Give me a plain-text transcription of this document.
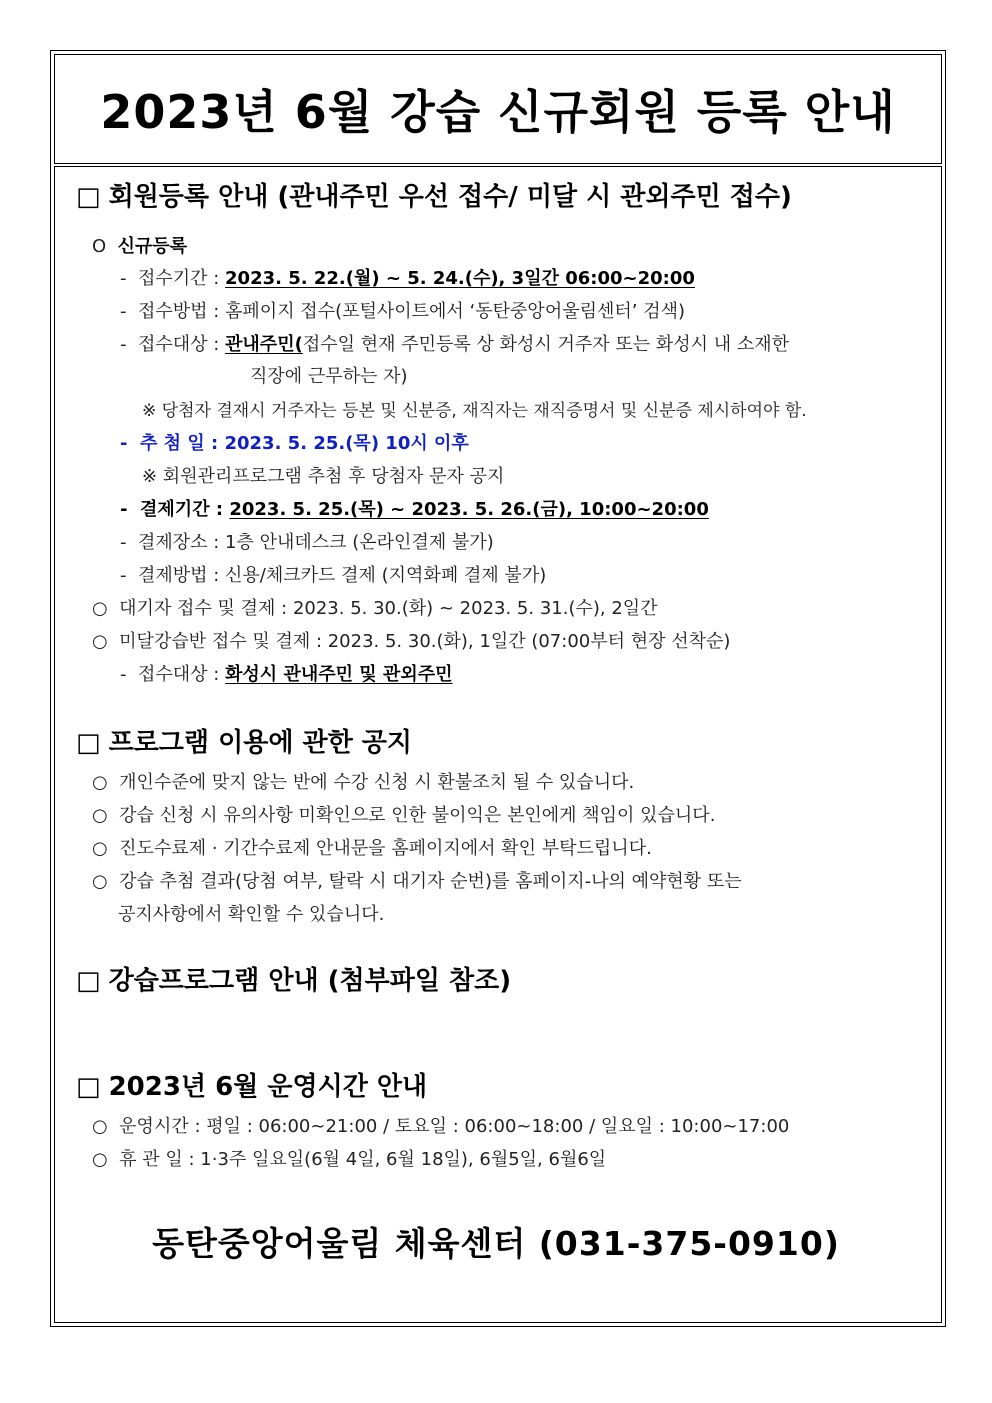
2023년 6월 강습 신규회원 등록 안내
□ 회원등록 안내 (관내주민 우선 접수/ 미달 시 관외주민 접수)
O 신규등록
- 접수기간 : 2023. 5. 22.(월) ~ 5. 24.(수), 3일간 06:00~20:00
- 접수방법 : 홈페이지 접수(포털사이트에서 ‘동탄중앙어울림센터’ 검색)
- 접수대상 : 관내주민(접수일 현재 주민등록 상 화성시 거주자 또는 화성시 내 소재한
직장에 근무하는 자)
※ 당첨자 결재시 거주자는 등본 및 신분증, 재직자는 재직증명서 및 신분증 제시하여야 함.
- 추 첨 일 : 2023. 5. 25.(목) 10시 이후
※ 회원관리프로그램 추첨 후 당첨자 문자 공지
- 결제기간 : 2023. 5. 25.(목) ~ 2023. 5. 26.(금), 10:00~20:00
- 결제장소 : 1층 안내데스크 (온라인결제 불가)
- 결제방법 : 신용/체크카드 결제 (지역화폐 결제 불가)
○ 대기자 접수 및 결제 : 2023. 5. 30.(화) ~ 2023. 5. 31.(수), 2일간
○ 미달강습반 접수 및 결제 : 2023. 5. 30.(화), 1일간 (07:00부터 현장 선착순)
- 접수대상 : 화성시 관내주민 및 관외주민
□ 프로그램 이용에 관한 공지
○ 개인수준에 맞지 않는 반에 수강 신청 시 환불조치 될 수 있습니다.
○ 강습 신청 시 유의사항 미확인으로 인한 불이익은 본인에게 책임이 있습니다.
○ 진도수료제 · 기간수료제 안내문을 홈페이지에서 확인 부탁드립니다.
○ 강습 추첨 결과(당첨 여부, 탈락 시 대기자 순번)를 홈페이지-나의 예약현황 또는
공지사항에서 확인할 수 있습니다.
□ 강습프로그램 안내 (첨부파일 참조)
□ 2023년 6월 운영시간 안내
○ 운영시간 : 평일 : 06:00~21:00 / 토요일 : 06:00~18:00 / 일요일 : 10:00~17:00
○ 휴 관 일 : 1·3주 일요일(6월 4일, 6월 18일), 6월5일, 6월6일
동탄중앙어울림 체육센터 (031-375-0910)
